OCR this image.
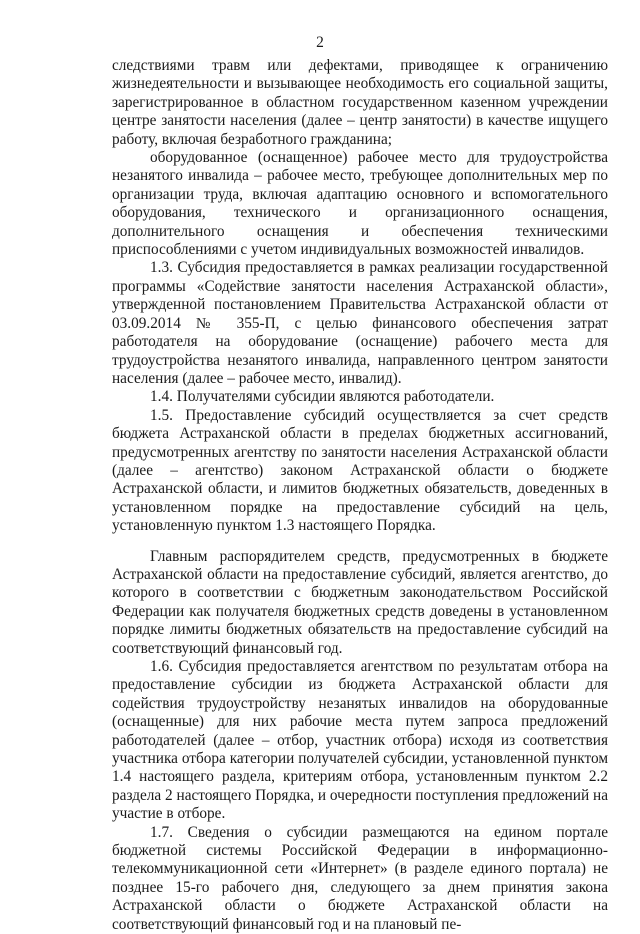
2

следствиями травм или дефектами, приводящее к ограничению жизнедеятельности и вызывающее необходимость его социальной защиты, зарегистрированное в областном государственном казенном учреждении центре занятости населения (далее – центр занятости) в качестве ищущего работу, включая безработного гражданина;

оборудованное (оснащенное) рабочее место для трудоустройства незанятого инвалида – рабочее место, требующее дополнительных мер по организации труда, включая адаптацию основного и вспомогательного оборудования, технического и организационного оснащения, дополнительного оснащения и обеспечения техническими приспособлениями с учетом индивидуальных возможностей инвалидов.

1.3. Субсидия предоставляется в рамках реализации государственной программы «Содействие занятости населения Астраханской области», утвержденной постановлением Правительства Астраханской области от 03.09.2014 № 355-П, с целью финансового обеспечения затрат работодателя на оборудование (оснащение) рабочего места для трудоустройства незанятого инвалида, направленного центром занятости населения (далее – рабочее место, инвалид).

1.4. Получателями субсидии являются работодатели.

1.5. Предоставление субсидий осуществляется за счет средств бюджета Астраханской области в пределах бюджетных ассигнований, предусмотренных агентству по занятости населения Астраханской области (далее – агентство) законом Астраханской области о бюджете Астраханской области, и лимитов бюджетных обязательств, доведенных в установленном порядке на предоставление субсидий на цель, установленную пунктом 1.3 настоящего Порядка.

Главным распорядителем средств, предусмотренных в бюджете Астраханской области на предоставление субсидий, является агентство, до которого в соответствии с бюджетным законодательством Российской Федерации как получателя бюджетных средств доведены в установленном порядке лимиты бюджетных обязательств на предоставление субсидий на соответствующий финансовый год.

1.6. Субсидия предоставляется агентством по результатам отбора на предоставление субсидии из бюджета Астраханской области для содействия трудоустройству незанятых инвалидов на оборудованные (оснащенные) для них рабочие места путем запроса предложений работодателей (далее – отбор, участник отбора) исходя из соответствия участника отбора категории получателей субсидии, установленной пунктом 1.4 настоящего раздела, критериям отбора, установленным пунктом 2.2 раздела 2 настоящего Порядка, и очередности поступления предложений на участие в отборе.

1.7. Сведения о субсидии размещаются на едином портале бюджетной системы Российской Федерации в информационно-телекоммуникационной сети «Интернет» (в разделе единого портала) не позднее 15-го рабочего дня, следующего за днем принятия закона Астраханской области о бюджете Астраханской области на соответствующий финансовый год и на плановый пе-
